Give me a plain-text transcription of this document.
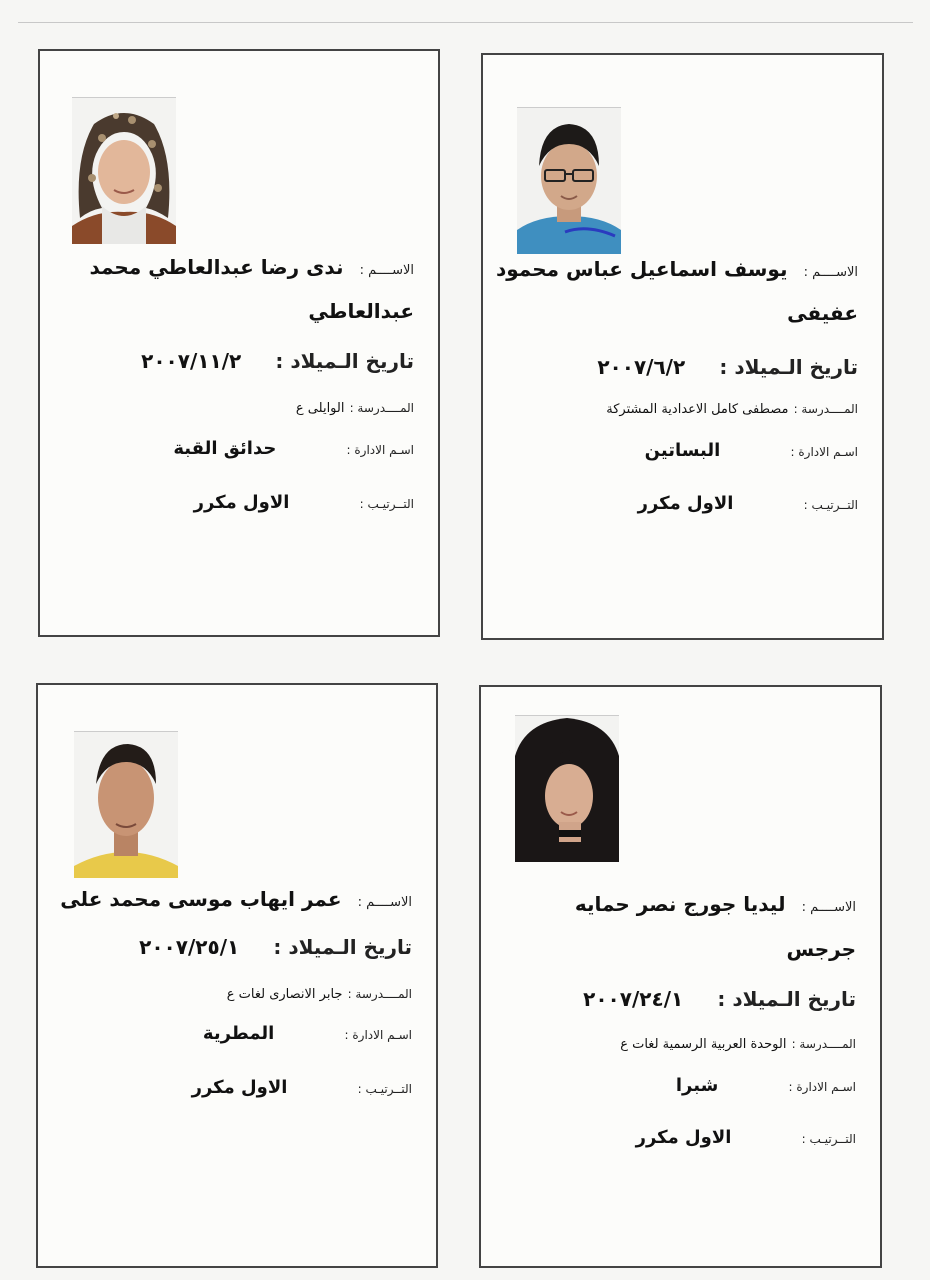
الاســــم :  يوسف اسماعيل عباس محمود
عفيفى
تاريخ الـميلاد :  ٢٠٠٧/٦/٢
المــــدرسة : مصطفى كامل الاعدادية المشتركة
اسـم الادارة :  البساتين
التــرتيـب :  الاول مكرر
الاســــم :  ندى رضا عبدالعاطي محمد
عبدالعاطي
تاريخ الـميلاد :  ٢٠٠٧/١١/٢
المــــدرسة : الوايلى ع
اسـم الادارة :  حدائق القبة
التــرتيـب :  الاول مكرر
الاســــم :  ليديا جورج نصر حمايه
جرجس
تاريخ الـميلاد :  ٢٠٠٧/٢٤/١
المــــدرسة : الوحدة العربية الرسمية لغات ع
اسـم الادارة :  شبرا
التــرتيـب :  الاول مكرر
الاســــم :  عمر ايهاب موسى محمد على
تاريخ الـميلاد :  ٢٠٠٧/٢٥/١
المــــدرسة : جابر الانصارى لغات ع
اسـم الادارة :  المطرية
التــرتيـب :  الاول مكرر
